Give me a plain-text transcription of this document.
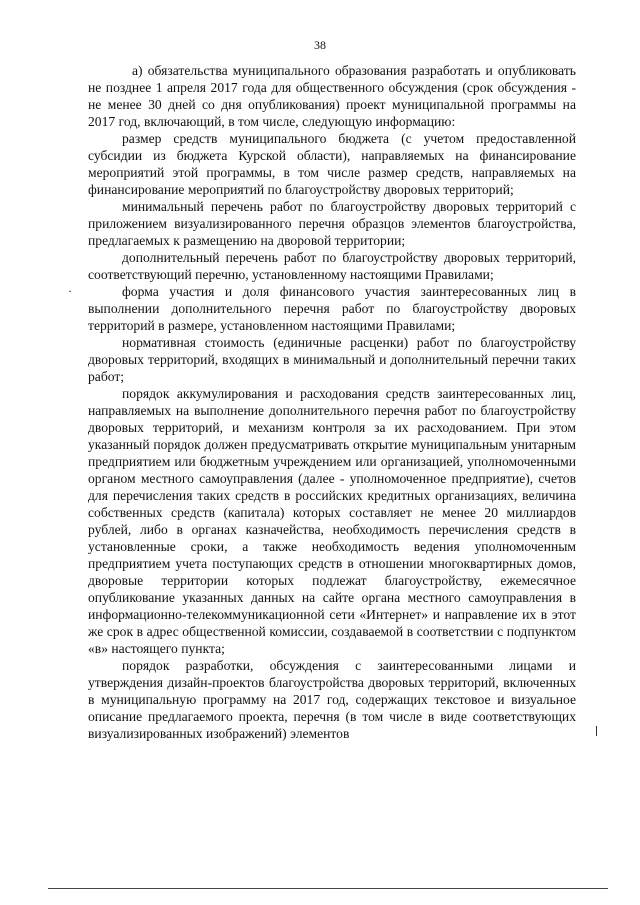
38

а) обязательства муниципального образования разработать и опубликовать не позднее 1 апреля 2017 года для общественного обсуждения (срок обсуждения - не менее 30 дней со дня опубликования) проект муниципальной программы на 2017 год, включающий, в том числе, следующую информацию:

размер средств муниципального бюджета (с учетом предоставленной субсидии из бюджета Курской области), направляемых на финансирование мероприятий этой программы, в том числе размер средств, направляемых на финансирование мероприятий по благоустройству дворовых территорий;

минимальный перечень работ по благоустройству дворовых территорий с приложением визуализированного перечня образцов элементов благоустройства, предлагаемых к размещению на дворовой территории;

дополнительный перечень работ по благоустройству дворовых территорий, соответствующий перечню, установленному настоящими Правилами;

·	форма участия и доля финансового участия заинтересованных лиц в выполнении дополнительного перечня работ по благоустройству дворовых территорий в размере, установленном настоящими Правилами;

нормативная стоимость (единичные расценки) работ по благоустройству дворовых территорий, входящих в минимальный и дополнительный перечни таких работ;

порядок аккумулирования и расходования средств заинтересованных лиц, направляемых на выполнение дополнительного перечня работ по благоустройству дворовых территорий, и механизм контроля за их расходованием. При этом указанный порядок должен предусматривать открытие муниципальным унитарным предприятием или бюджетным учреждением или организацией, уполномоченными органом местного самоуправления (далее - уполномоченное предприятие), счетов для перечисления таких средств в российских кредитных организациях, величина собственных средств (капитала) которых составляет не менее 20 миллиардов рублей, либо в органах казначейства, необходимость перечисления средств в установленные сроки, а также необходимость ведения уполномоченным предприятием учета поступающих средств в отношении многоквартирных домов, дворовые территории которых подлежат благоустройству, ежемесячное опубликование указанных данных на сайте органа местного самоуправления в информационно-телекоммуникационной сети «Интернет» и направление их в этот же срок в адрес общественной комиссии, создаваемой в соответствии с подпунктом «в» настоящего пункта;

порядок разработки, обсуждения с заинтересованными лицами и утверждения дизайн-проектов благоустройства дворовых территорий, включенных в муниципальную программу на 2017 год, содержащих текстовое и визуальное описание предлагаемого проекта, перечня (в том числе в виде соответствующих визуализированных изображений) элементов
